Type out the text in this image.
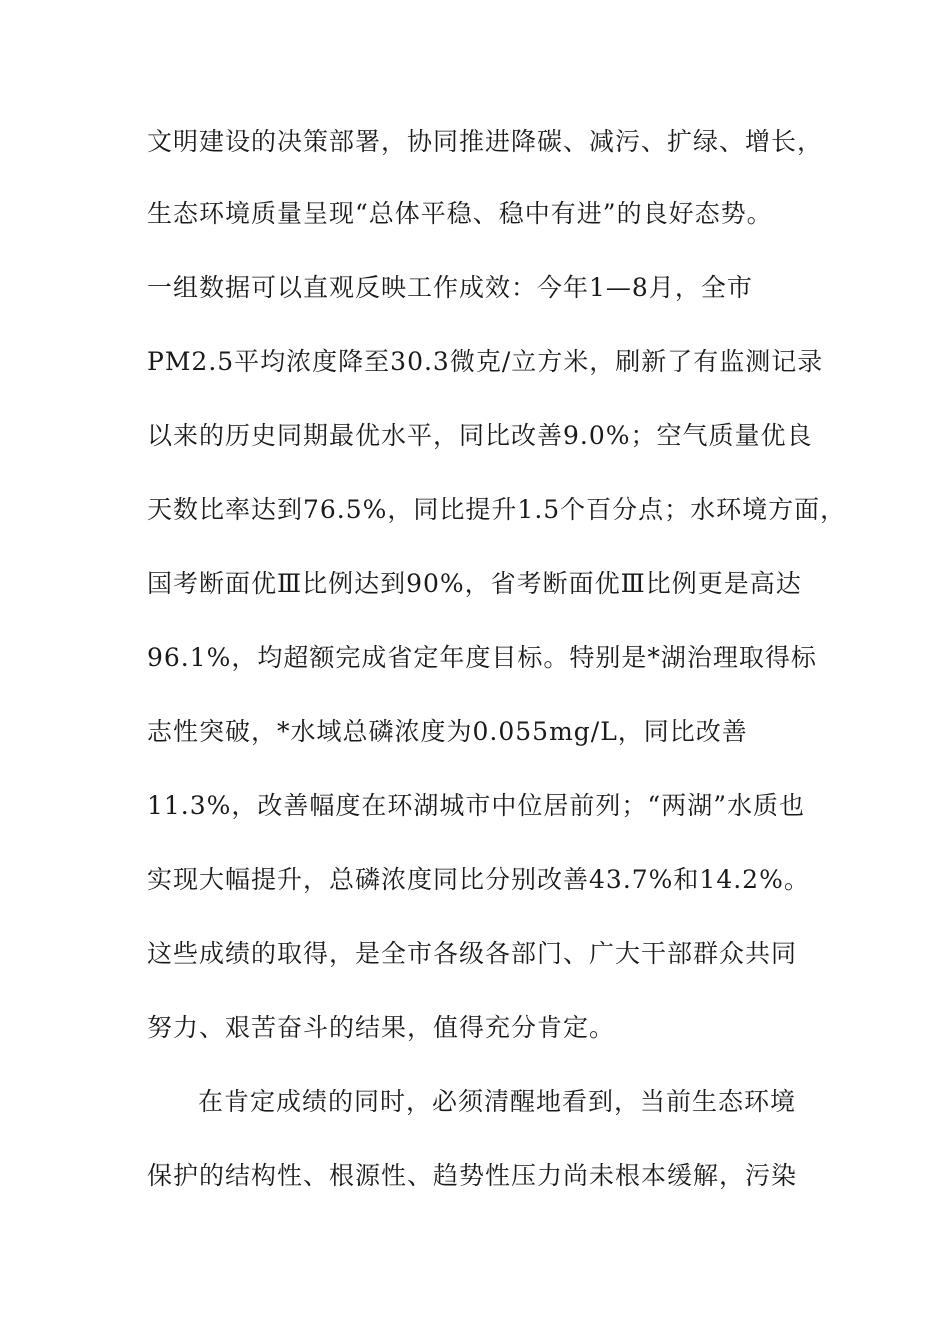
文明建设的决策部署，协同推进降碳、减污、扩绿、增长，
生态环境质量呈现“总体平稳、稳中有进”的良好态势。
一组数据可以直观反映工作成效：今年1—8月，全市
PM2.5平均浓度降至30.3微克/立方米，刷新了有监测记录
以来的历史同期最优水平，同比改善9.0%；空气质量优良
天数比率达到76.5%，同比提升1.5个百分点；水环境方面，
国考断面优Ⅲ比例达到90%，省考断面优Ⅲ比例更是高达
96.1%，均超额完成省定年度目标。特别是*湖治理取得标
志性突破，*水域总磷浓度为0.055mg/L，同比改善
11.3%，改善幅度在环湖城市中位居前列；“两湖”水质也
实现大幅提升，总磷浓度同比分别改善43.7%和14.2%。
这些成绩的取得，是全市各级各部门、广大干部群众共同
努力、艰苦奋斗的结果，值得充分肯定。
在肯定成绩的同时，必须清醒地看到，当前生态环境
保护的结构性、根源性、趋势性压力尚未根本缓解，污染
